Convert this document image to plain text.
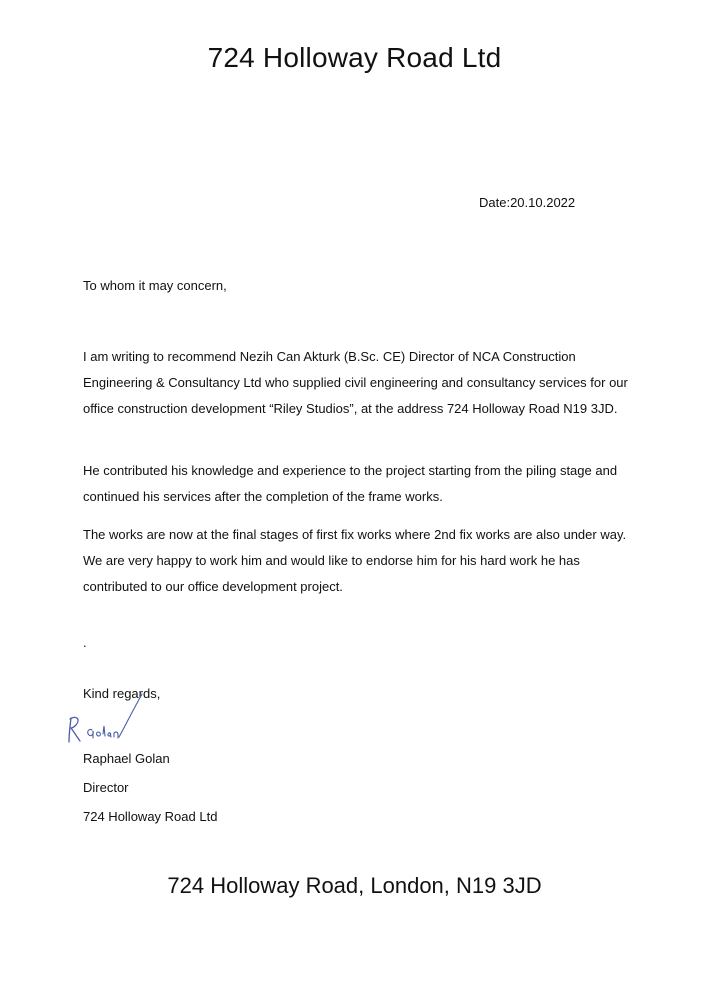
724 Holloway Road Ltd
Date:20.10.2022
To whom it may concern,
I am writing to recommend Nezih Can Akturk (B.Sc. CE) Director of NCA Construction Engineering & Consultancy Ltd who supplied civil engineering and consultancy services for our office construction development “Riley Studios”, at the address 724 Holloway Road N19 3JD.
He contributed his knowledge and experience to the project starting from the piling stage and continued his services after the completion of the frame works.
The works are now at the final stages of first fix works where 2nd fix works are also under way.
We are very happy to work him and would like to endorse him for his hard work he has contributed to our office development project.
.
Kind regards,
Raphael Golan
Director
724 Holloway Road Ltd
724 Holloway Road, London, N19 3JD
